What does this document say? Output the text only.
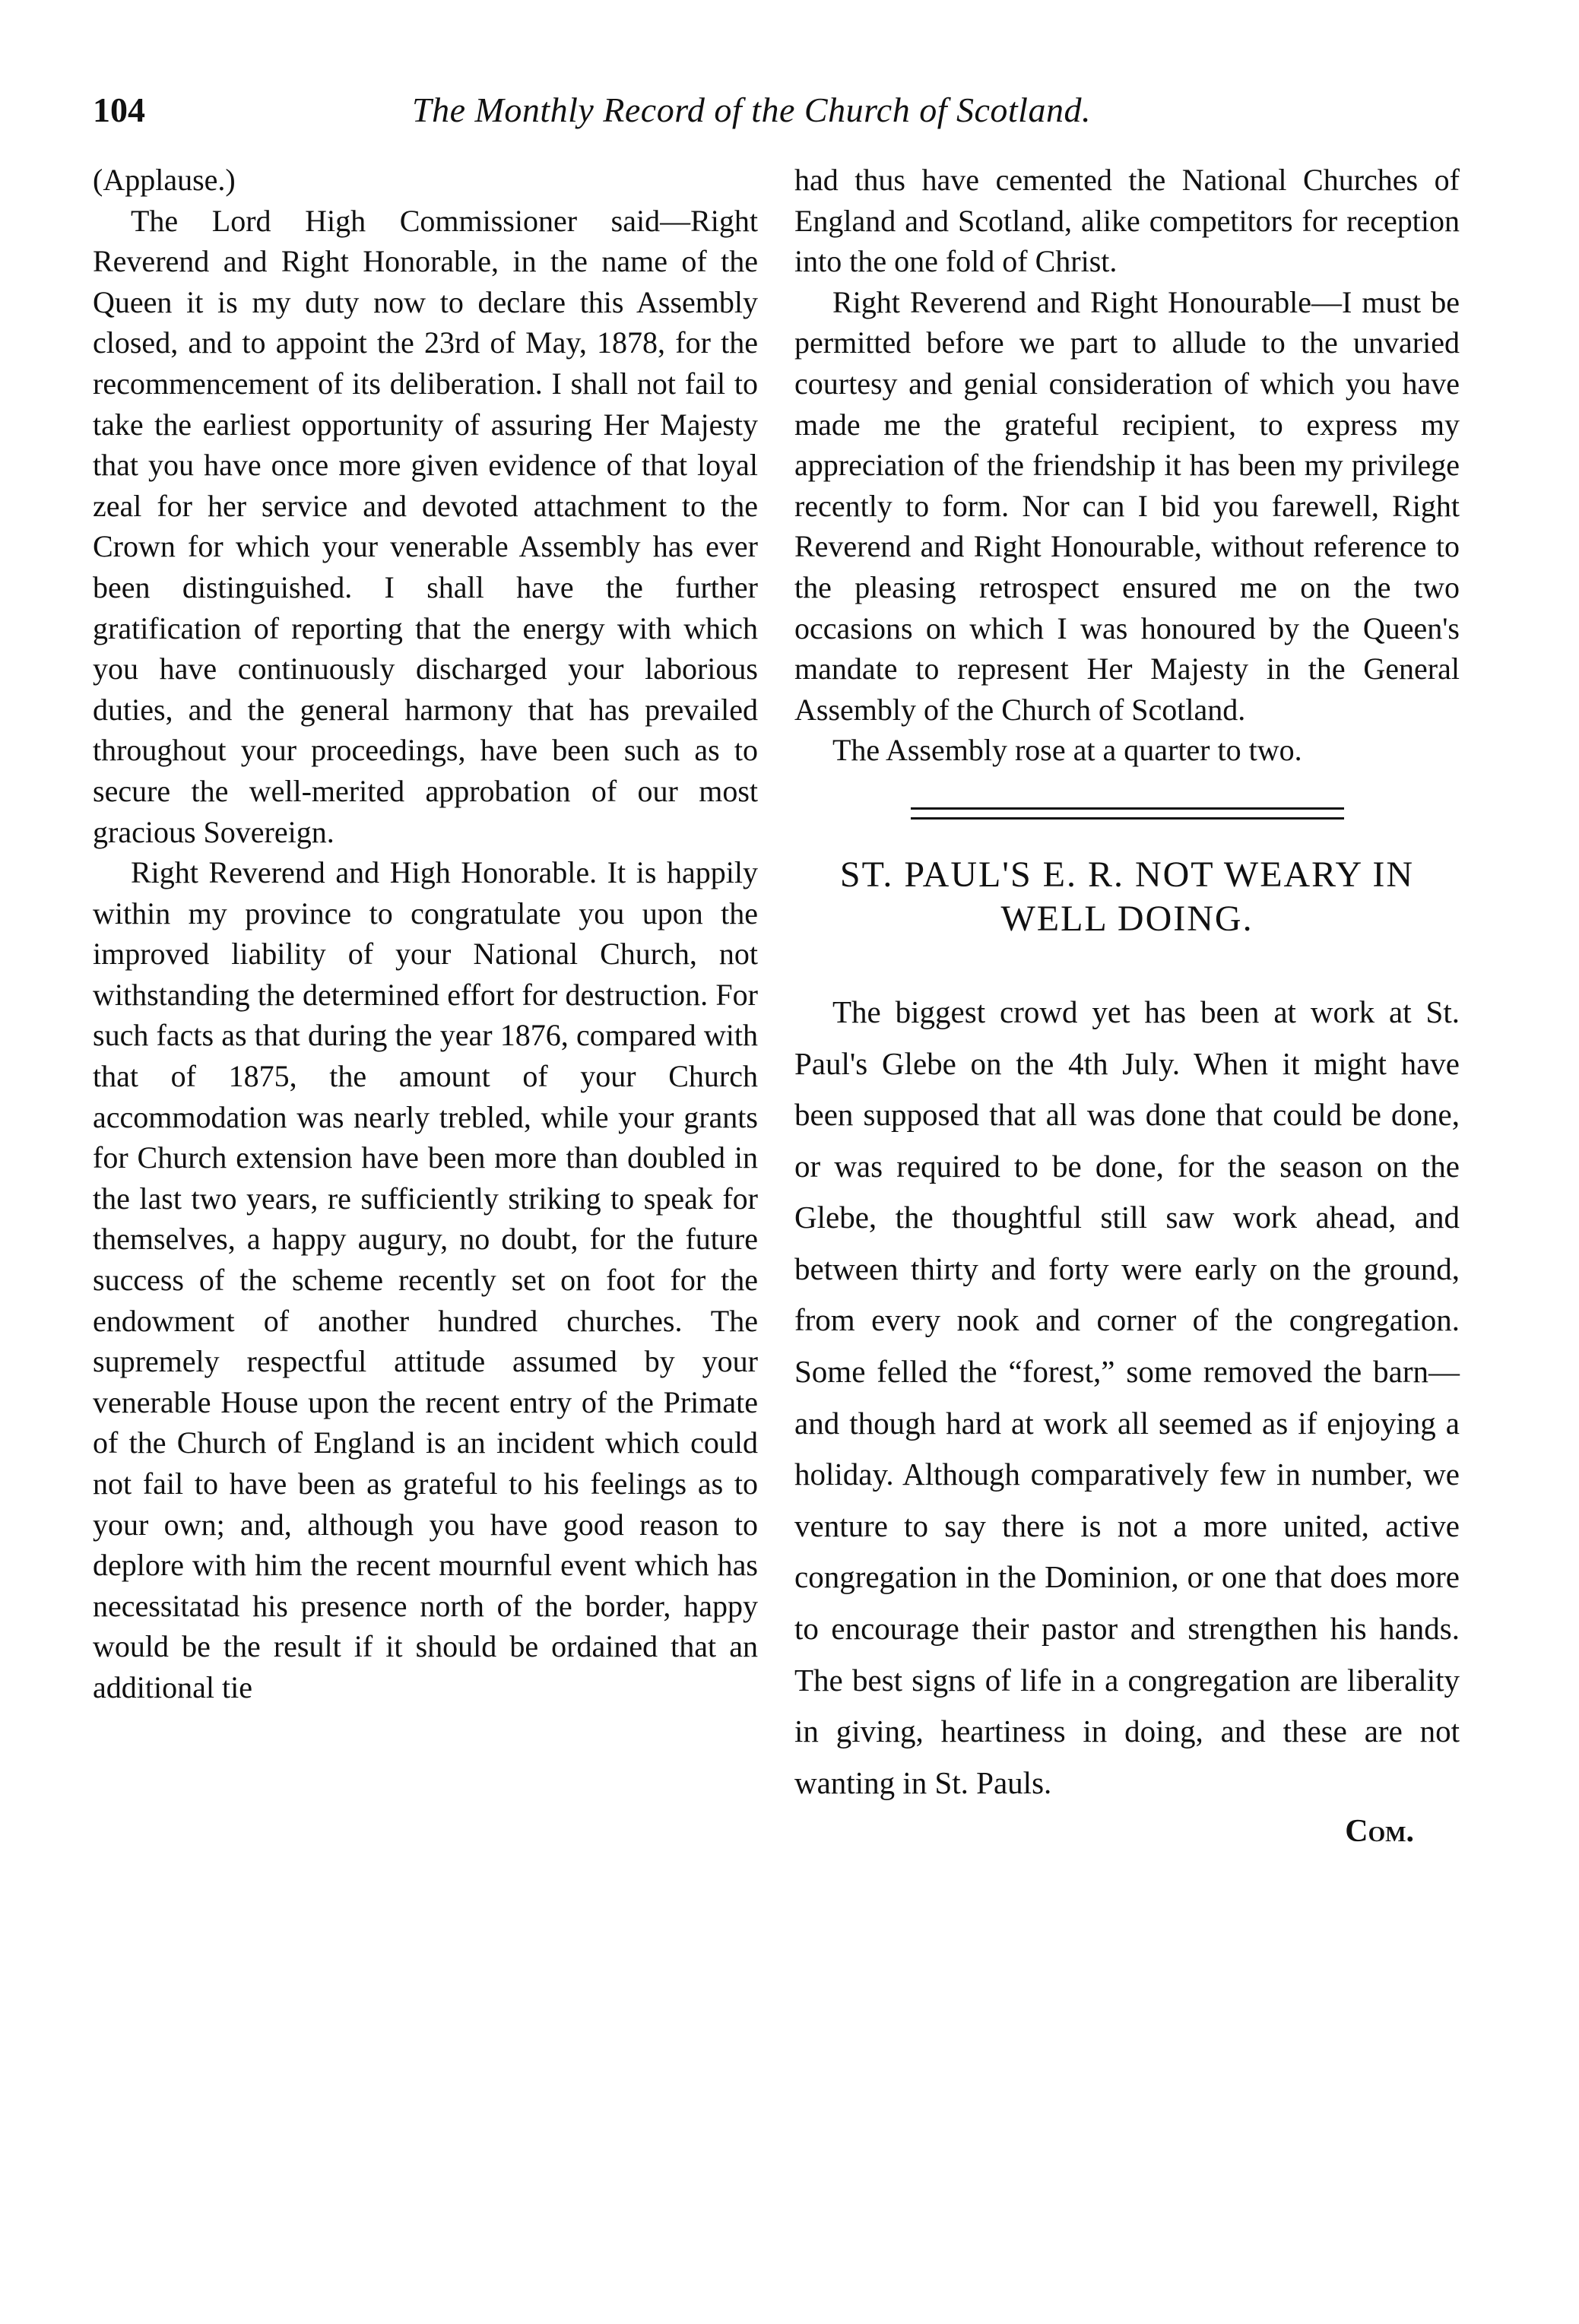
104	The Monthly Record of the Church of Scotland.

(Applause.)

The Lord High Commissioner said—Right Reverend and Right Honorable, in the name of the Queen it is my duty now to declare this Assembly closed, and to appoint the 23rd of May, 1878, for the recommencement of its deliberation. I shall not fail to take the earliest opportunity of assuring Her Majesty that you have once more given evidence of that loyal zeal for her service and devoted attachment to the Crown for which your venerable Assembly has ever been distinguished. I shall have the further gratification of reporting that the energy with which you have continuously discharged your laborious duties, and the general harmony that has prevailed throughout your proceedings, have been such as to secure the well-merited approbation of our most gracious Sovereign.

Right Reverend and High Honorable. It is happily within my province to congratulate you upon the improved liability of your National Church, not withstanding the determined effort for destruction. For such facts as that during the year 1876, compared with that of 1875, the amount of your Church accommodation was nearly trebled, while your grants for Church extension have been more than doubled in the last two years, re sufficiently striking to speak for themselves, a happy augury, no doubt, for the future success of the scheme recently set on foot for the endowment of another hundred churches. The supremely respectful attitude assumed by your venerable House upon the recent entry of the Primate of the Church of England is an incident which could not fail to have been as grateful to his feelings as to your own; and, although you have good reason to deplore with him the recent mournful event which has necessitatad his presence north of the border, happy would be the result if it should be ordained that an additional tie

had thus have cemented the National Churches of England and Scotland, alike competitors for reception into the one fold of Christ.

Right Reverend and Right Honourable—I must be permitted before we part to allude to the unvaried courtesy and genial consideration of which you have made me the grateful recipient, to express my appreciation of the friendship it has been my privilege recently to form. Nor can I bid you farewell, Right Reverend and Right Honourable, without reference to the pleasing retrospect ensured me on the two occasions on which I was honoured by the Queen's mandate to represent Her Majesty in the General Assembly of the Church of Scotland.

The Assembly rose at a quarter to two.

ST. PAUL'S E. R. NOT WEARY IN WELL DOING.

The biggest crowd yet has been at work at St. Paul's Glebe on the 4th July. When it might have been supposed that all was done that could be done, or was required to be done, for the season on the Glebe, the thoughtful still saw work ahead, and between thirty and forty were early on the ground, from every nook and corner of the congregation. Some felled the “forest,” some removed the barn—and though hard at work all seemed as if enjoying a holiday. Although comparatively few in number, we venture to say there is not a more united, active congregation in the Dominion, or one that does more to encourage their pastor and strengthen his hands. The best signs of life in a congregation are liberality in giving, heartiness in doing, and these are not wanting in St. Pauls.

Com.
